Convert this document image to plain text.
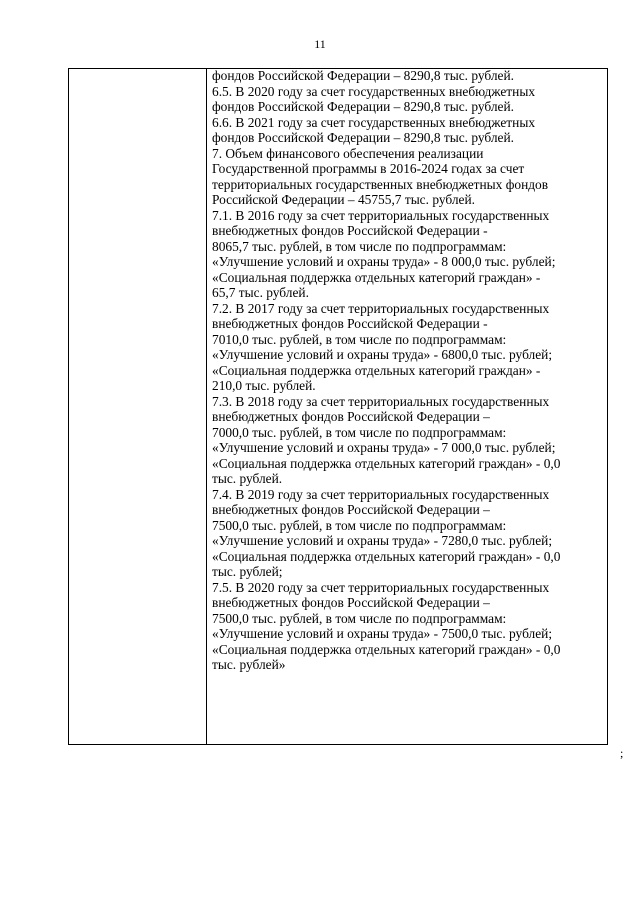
11
фондов Российской Федерации – 8290,8 тыс. рублей.
6.5. В 2020 году за счет государственных внебюджетных
фондов Российской Федерации – 8290,8 тыс. рублей.
6.6. В 2021 году за счет государственных внебюджетных
фондов Российской Федерации – 8290,8 тыс. рублей.
7. Объем финансового обеспечения реализации
Государственной программы в 2016-2024 годах за счет
территориальных государственных внебюджетных фондов
Российской Федерации – 45755,7 тыс. рублей.
7.1. В 2016 году за счет территориальных государственных
внебюджетных фондов Российской Федерации -
8065,7 тыс. рублей, в том числе по подпрограммам:
«Улучшение условий и охраны труда» - 8 000,0 тыс. рублей;
«Социальная поддержка отдельных категорий граждан» -
65,7 тыс. рублей.
7.2. В 2017 году за счет территориальных государственных
внебюджетных фондов Российской Федерации -
7010,0 тыс. рублей, в том числе по подпрограммам:
«Улучшение условий и охраны труда» - 6800,0 тыс. рублей;
«Социальная поддержка отдельных категорий граждан» -
210,0 тыс. рублей.
7.3. В 2018 году за счет территориальных государственных
внебюджетных фондов Российской Федерации –
7000,0 тыс. рублей, в том числе по подпрограммам:
«Улучшение условий и охраны труда» - 7 000,0 тыс. рублей;
«Социальная поддержка отдельных категорий граждан» - 0,0
тыс. рублей.
7.4. В 2019 году за счет территориальных государственных
внебюджетных фондов Российской Федерации –
7500,0 тыс. рублей, в том числе по подпрограммам:
«Улучшение условий и охраны труда» - 7280,0 тыс. рублей;
«Социальная поддержка отдельных категорий граждан» - 0,0
тыс. рублей;
7.5. В 2020 году за счет территориальных государственных
внебюджетных фондов Российской Федерации –
7500,0 тыс. рублей, в том числе по подпрограммам:
«Улучшение условий и охраны труда» - 7500,0 тыс. рублей;
«Социальная поддержка отдельных категорий граждан» - 0,0
тыс. рублей»
;
